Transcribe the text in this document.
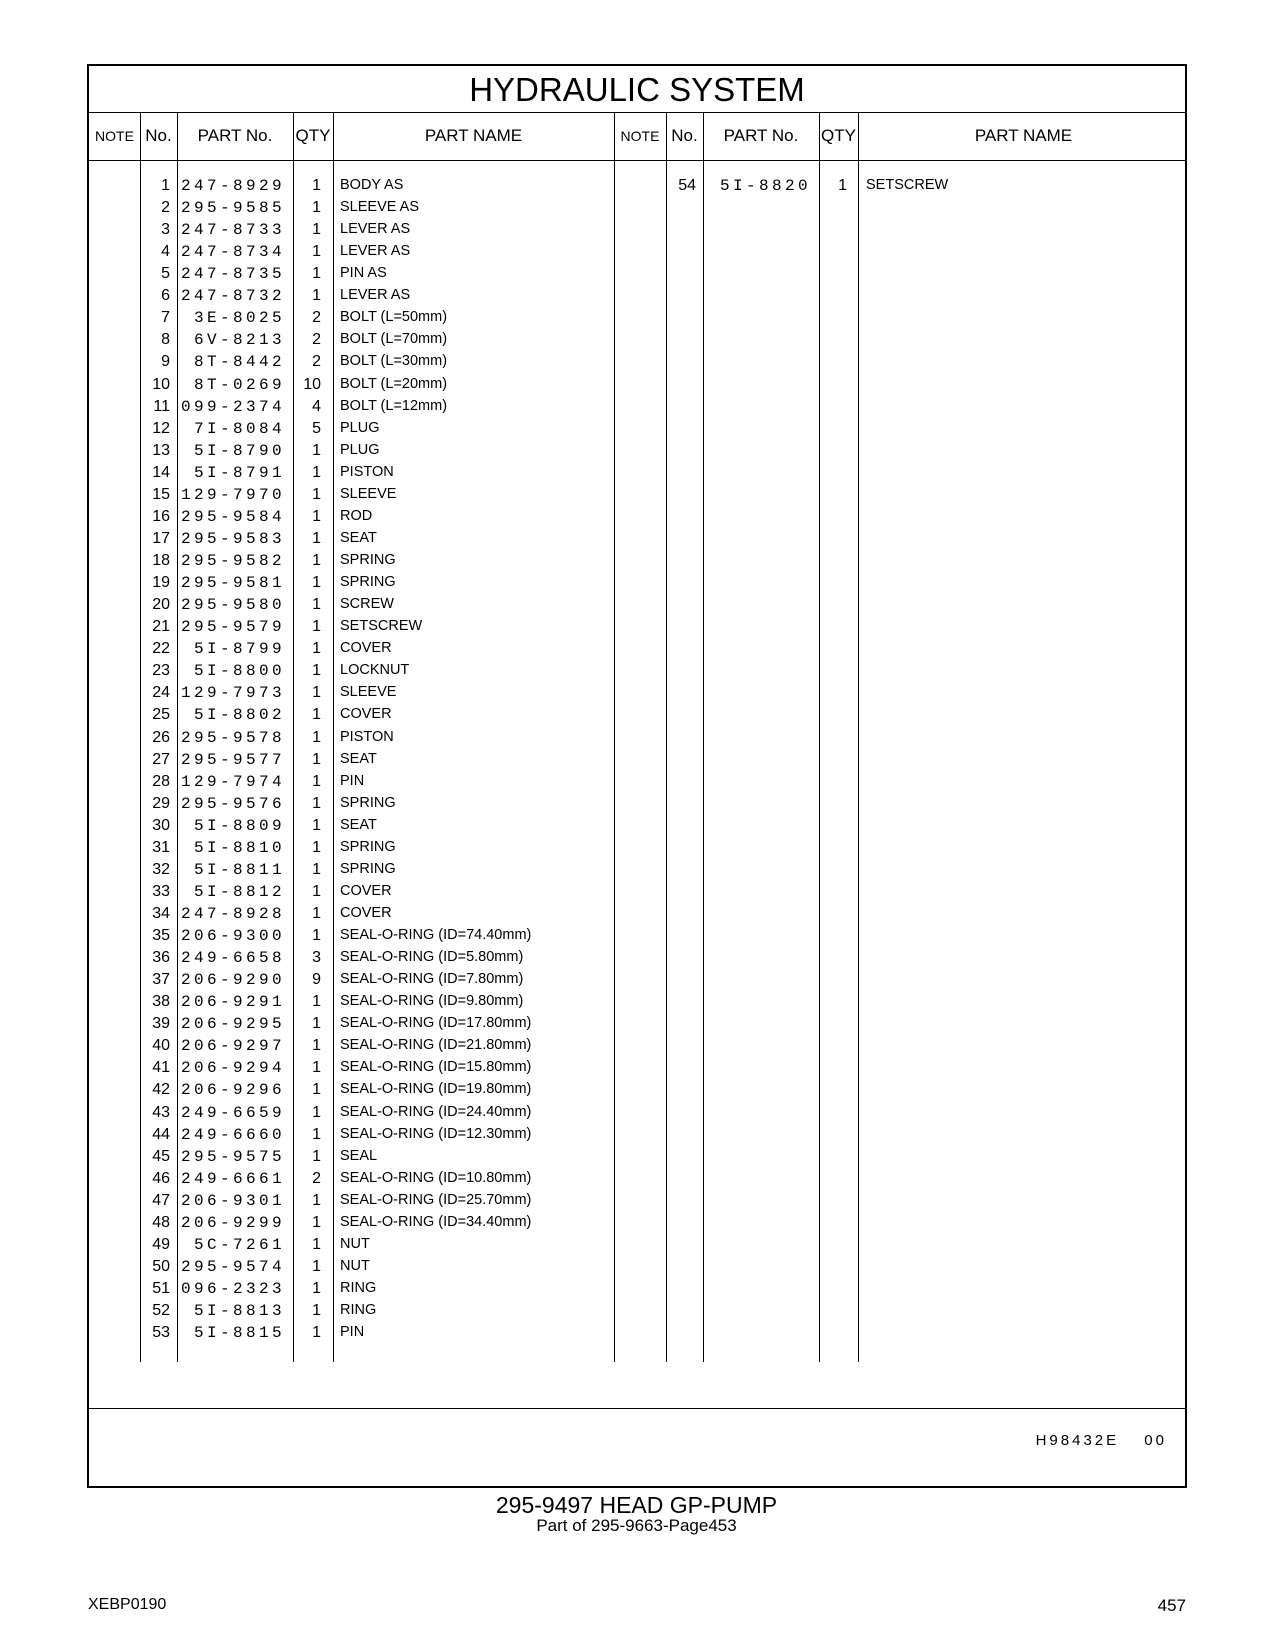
HYDRAULIC SYSTEM
NOTE No.	PART No.	QTY	PART NAME	NOTE No.	PART No.	QTY	PART NAME
1 247-8929	1 BODY AS
2 295-9585	1 SLEEVE AS
3 247-8733	1 LEVER AS
4 247-8734	1 LEVER AS
5 247-8735	1 PIN AS
6 247-8732	1 LEVER AS
7	3E-8025	2 BOLT (L=50mm)
8	6V-8213	2 BOLT (L=70mm)
9	8T-8442	2 BOLT (L=30mm)
10	8T-0269	10 BOLT (L=20mm)
11 099-2374	4 BOLT (L=12mm)
12	7I-8084	5 PLUG
13	5I-8790	1 PLUG
14	5I-8791	1 PISTON
15 129-7970	1 SLEEVE
16 295-9584	1 ROD
17 295-9583	1 SEAT
18 295-9582	1 SPRING
19 295-9581	1 SPRING
20 295-9580	1 SCREW
21 295-9579	1 SETSCREW
22	5I-8799	1 COVER
23	5I-8800	1 LOCKNUT
24 129-7973	1 SLEEVE
25	5I-8802	1 COVER
26 295-9578	1 PISTON
27 295-9577	1 SEAT
28 129-7974	1 PIN
29 295-9576	1 SPRING
30	5I-8809	1 SEAT
31	5I-8810	1 SPRING
32	5I-8811	1 SPRING
33	5I-8812	1 COVER
34 247-8928	1 COVER
35 206-9300	1 SEAL-O-RING (ID=74.40mm)
36 249-6658	3 SEAL-O-RING (ID=5.80mm)
37 206-9290	9 SEAL-O-RING (ID=7.80mm)
38 206-9291	1 SEAL-O-RING (ID=9.80mm)
39 206-9295	1 SEAL-O-RING (ID=17.80mm)
40 206-9297	1 SEAL-O-RING (ID=21.80mm)
41 206-9294	1 SEAL-O-RING (ID=15.80mm)
42 206-9296	1 SEAL-O-RING (ID=19.80mm)
43 249-6659	1 SEAL-O-RING (ID=24.40mm)
44 249-6660	1 SEAL-O-RING (ID=12.30mm)
45 295-9575	1 SEAL
46 249-6661	2 SEAL-O-RING (ID=10.80mm)
47 206-9301	1 SEAL-O-RING (ID=25.70mm)
48 206-9299	1 SEAL-O-RING (ID=34.40mm)
49	5C-7261	1 NUT
50 295-9574	1 NUT
51 096-2323	1 RING
52	5I-8813	1 RING
53	5I-8815	1 PIN
54	5I-8820	1 SETSCREW
H98432E 00
295-9497 HEAD GP-PUMP
Part of 295-9663-Page453
XEBP0190	457
